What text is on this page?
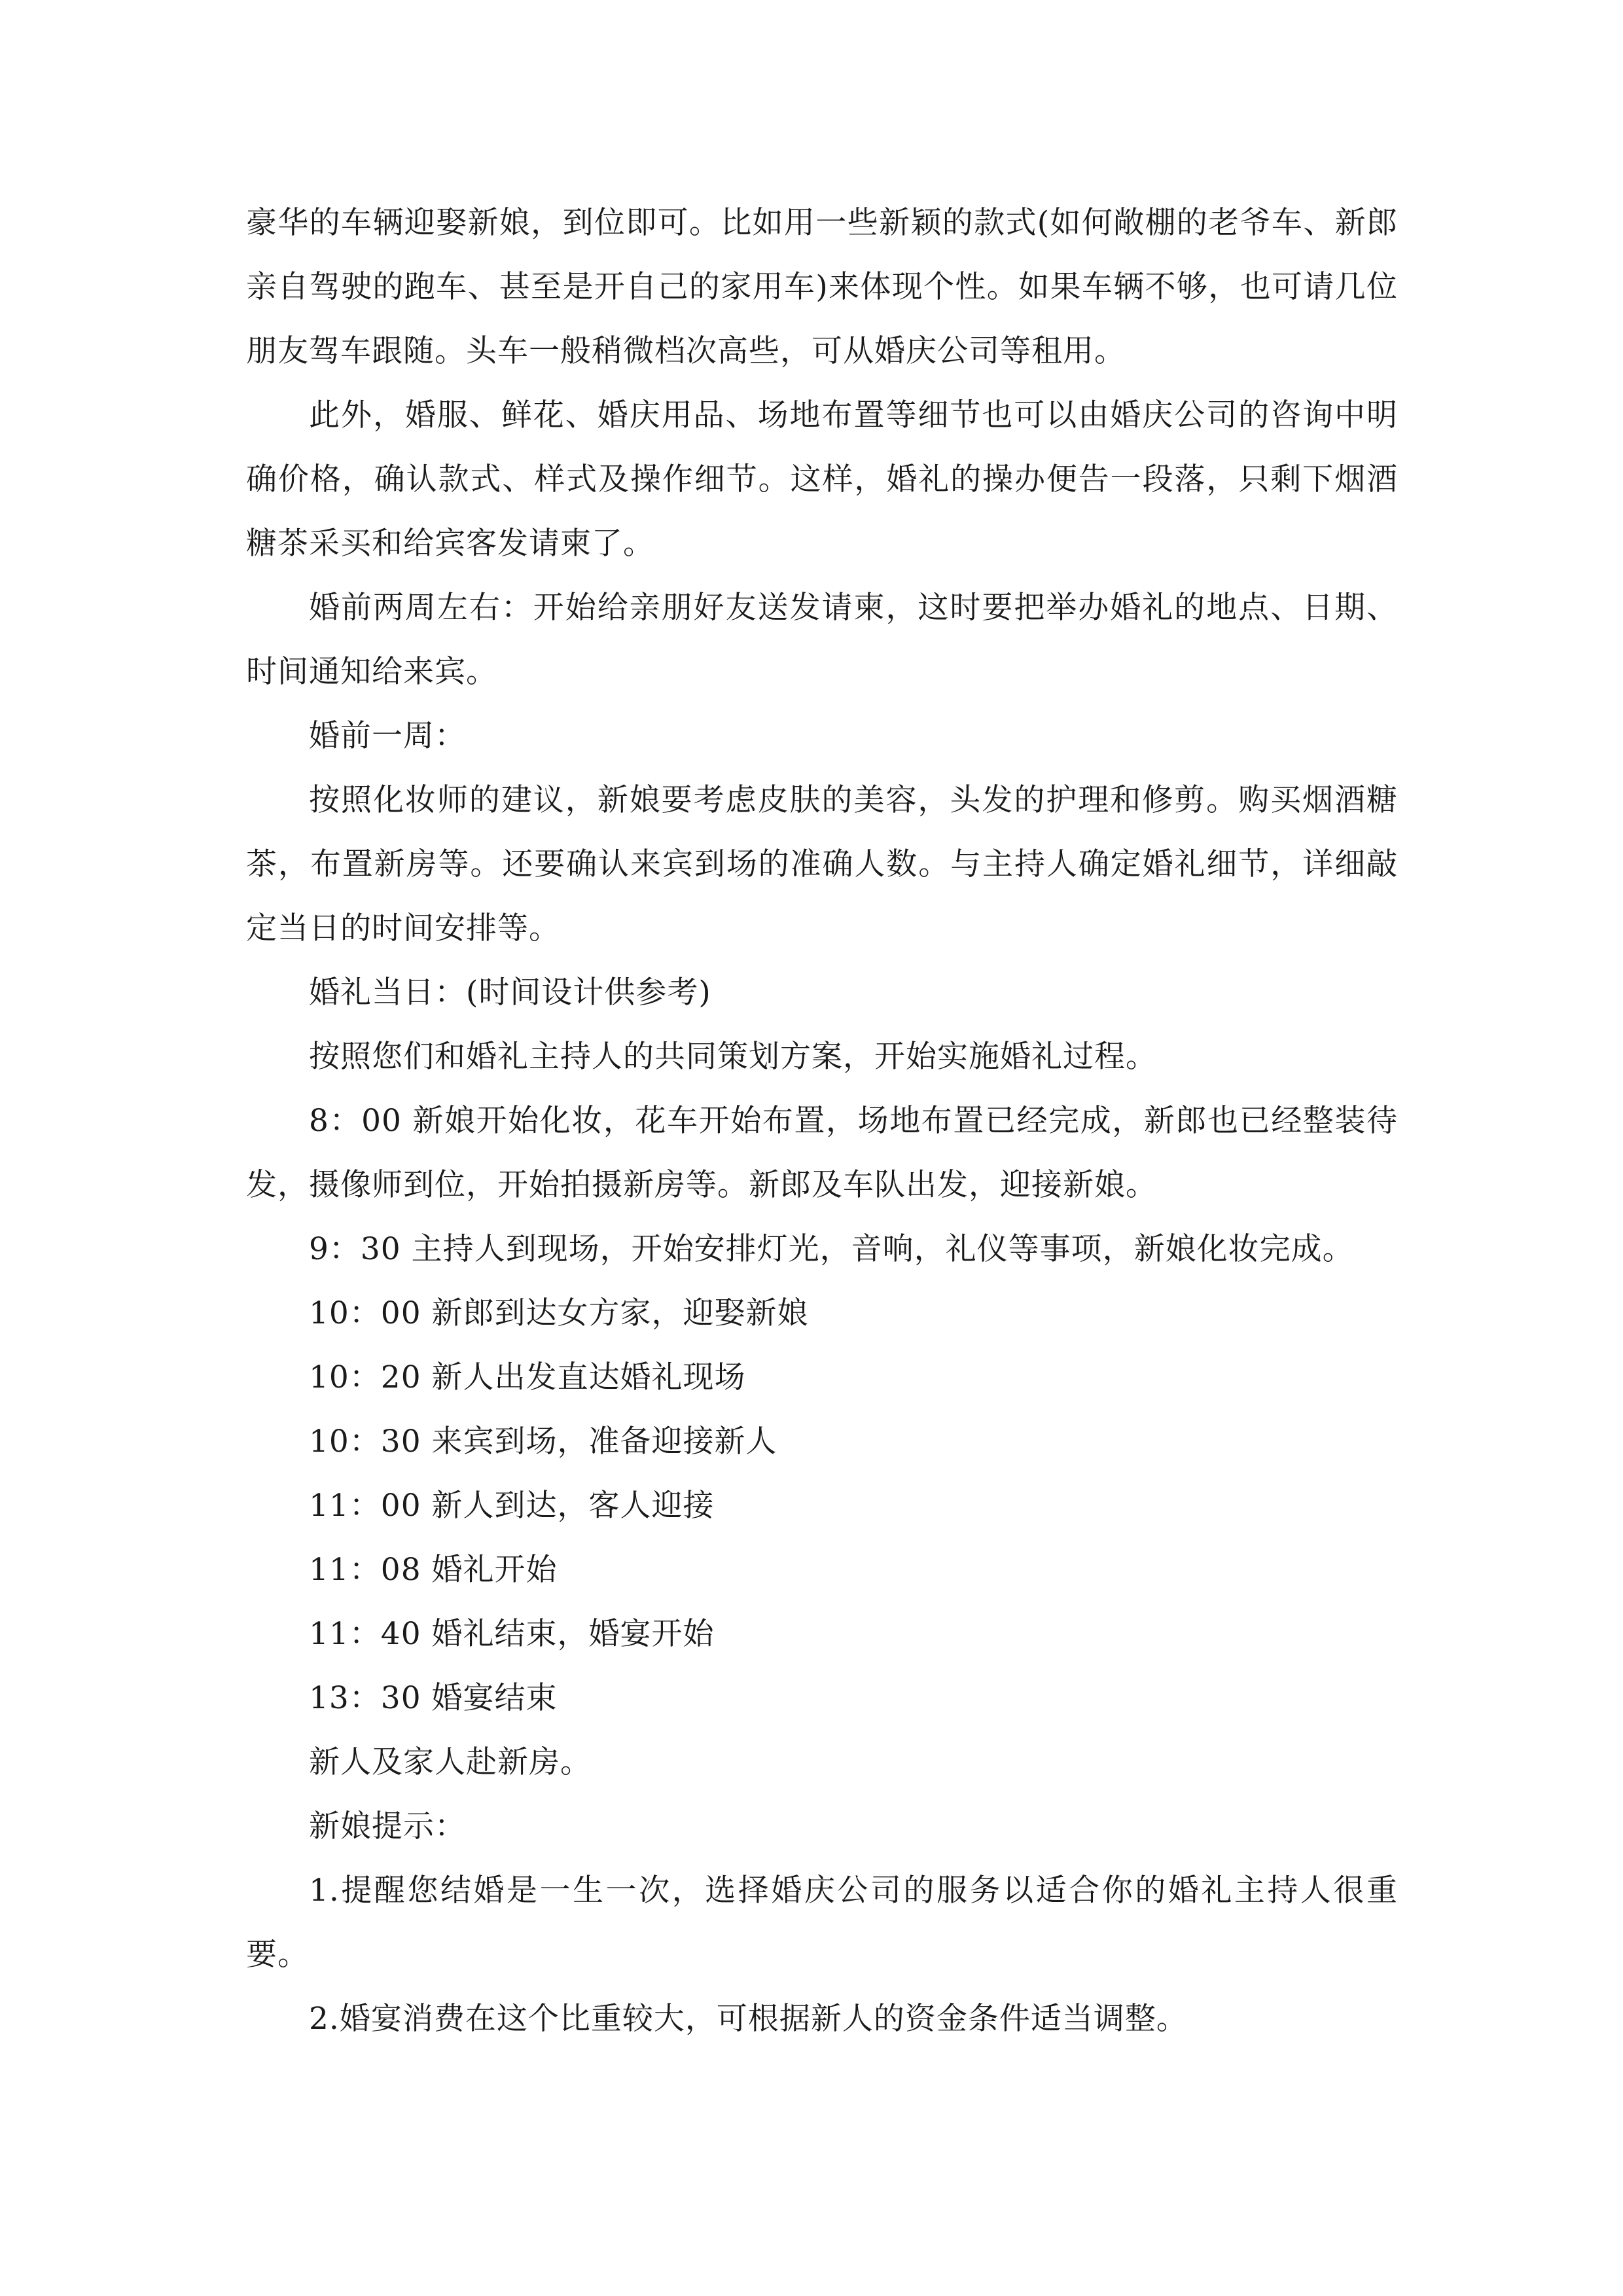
豪华的车辆迎娶新娘，到位即可。比如用一些新颖的款式(如何敞棚的老爷车、新郎亲自驾驶的跑车、甚至是开自己的家用车)来体现个性。如果车辆不够，也可请几位朋友驾车跟随。头车一般稍微档次高些，可从婚庆公司等租用。

此外，婚服、鲜花、婚庆用品、场地布置等细节也可以由婚庆公司的咨询中明确价格，确认款式、样式及操作细节。这样，婚礼的操办便告一段落，只剩下烟酒糖茶采买和给宾客发请柬了。

婚前两周左右：开始给亲朋好友送发请柬，这时要把举办婚礼的地点、日期、时间通知给来宾。

婚前一周：

按照化妆师的建议，新娘要考虑皮肤的美容，头发的护理和修剪。购买烟酒糖茶，布置新房等。还要确认来宾到场的准确人数。与主持人确定婚礼细节，详细敲定当日的时间安排等。

婚礼当日：(时间设计供参考)

按照您们和婚礼主持人的共同策划方案，开始实施婚礼过程。

8：00 新娘开始化妆，花车开始布置，场地布置已经完成，新郎也已经整装待发，摄像师到位，开始拍摄新房等。新郎及车队出发，迎接新娘。

9：30 主持人到现场，开始安排灯光，音响，礼仪等事项，新娘化妆完成。

10：00 新郎到达女方家，迎娶新娘

10：20 新人出发直达婚礼现场

10：30 来宾到场，准备迎接新人

11：00 新人到达，客人迎接

11：08 婚礼开始

11：40 婚礼结束，婚宴开始

13：30 婚宴结束

新人及家人赴新房。

新娘提示：

1.提醒您结婚是一生一次，选择婚庆公司的服务以适合你的婚礼主持人很重要。

2.婚宴消费在这个比重较大，可根据新人的资金条件适当调整。
